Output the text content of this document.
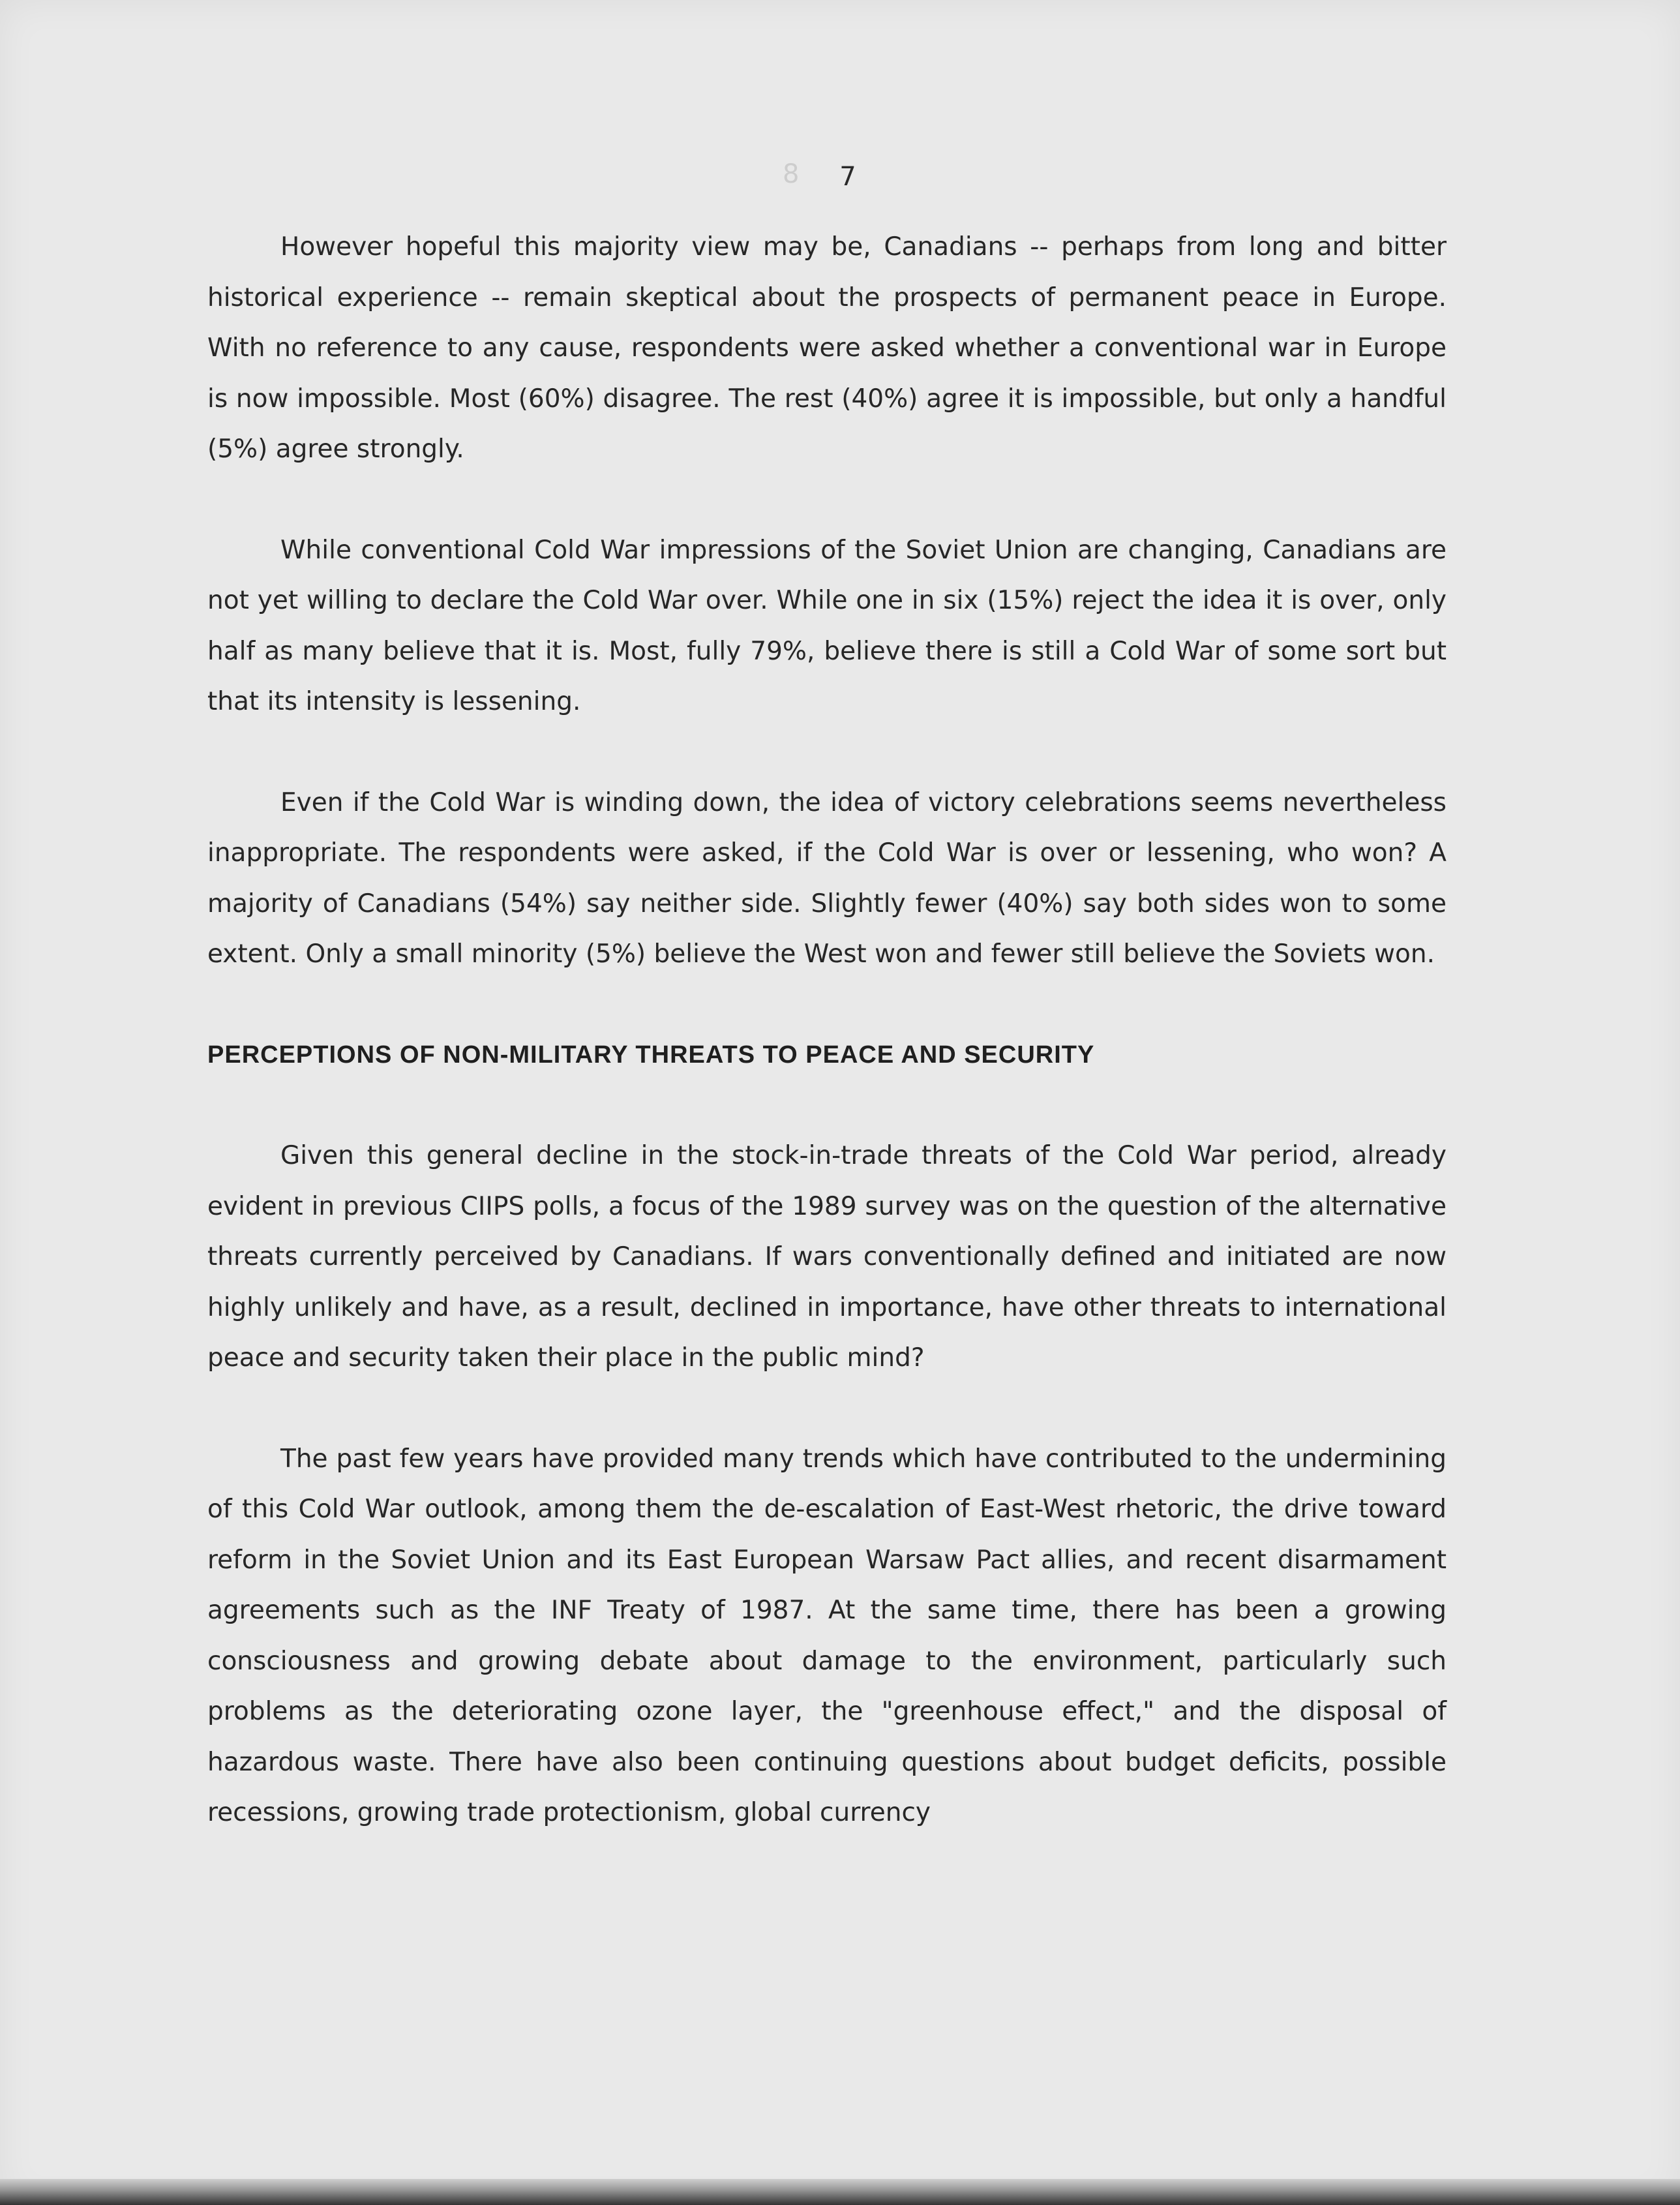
8	7

However hopeful this majority view may be, Canadians -- perhaps from long and bitter historical experience -- remain skeptical about the prospects of permanent peace in Europe. With no reference to any cause, respondents were asked whether a conventional war in Europe is now impossible. Most (60%) disagree. The rest (40%) agree it is impossible, but only a handful (5%) agree strongly.

While conventional Cold War impressions of the Soviet Union are changing, Canadians are not yet willing to declare the Cold War over. While one in six (15%) reject the idea it is over, only half as many believe that it is. Most, fully 79%, believe there is still a Cold War of some sort but that its intensity is lessening.

Even if the Cold War is winding down, the idea of victory celebrations seems nevertheless inappropriate. The respondents were asked, if the Cold War is over or lessening, who won? A majority of Canadians (54%) say neither side. Slightly fewer (40%) say both sides won to some extent. Only a small minority (5%) believe the West won and fewer still believe the Soviets won.

PERCEPTIONS OF NON-MILITARY THREATS TO PEACE AND SECURITY

Given this general decline in the stock-in-trade threats of the Cold War period, already evident in previous CIIPS polls, a focus of the 1989 survey was on the question of the alternative threats currently perceived by Canadians. If wars conventionally defined and initiated are now highly unlikely and have, as a result, declined in importance, have other threats to international peace and security taken their place in the public mind?

The past few years have provided many trends which have contributed to the undermining of this Cold War outlook, among them the de-escalation of East-West rhetoric, the drive toward reform in the Soviet Union and its East European Warsaw Pact allies, and recent disarmament agreements such as the INF Treaty of 1987. At the same time, there has been a growing consciousness and growing debate about damage to the environment, particularly such problems as the deteriorating ozone layer, the "greenhouse effect," and the disposal of hazardous waste. There have also been continuing questions about budget deficits, possible recessions, growing trade protectionism, global currency
